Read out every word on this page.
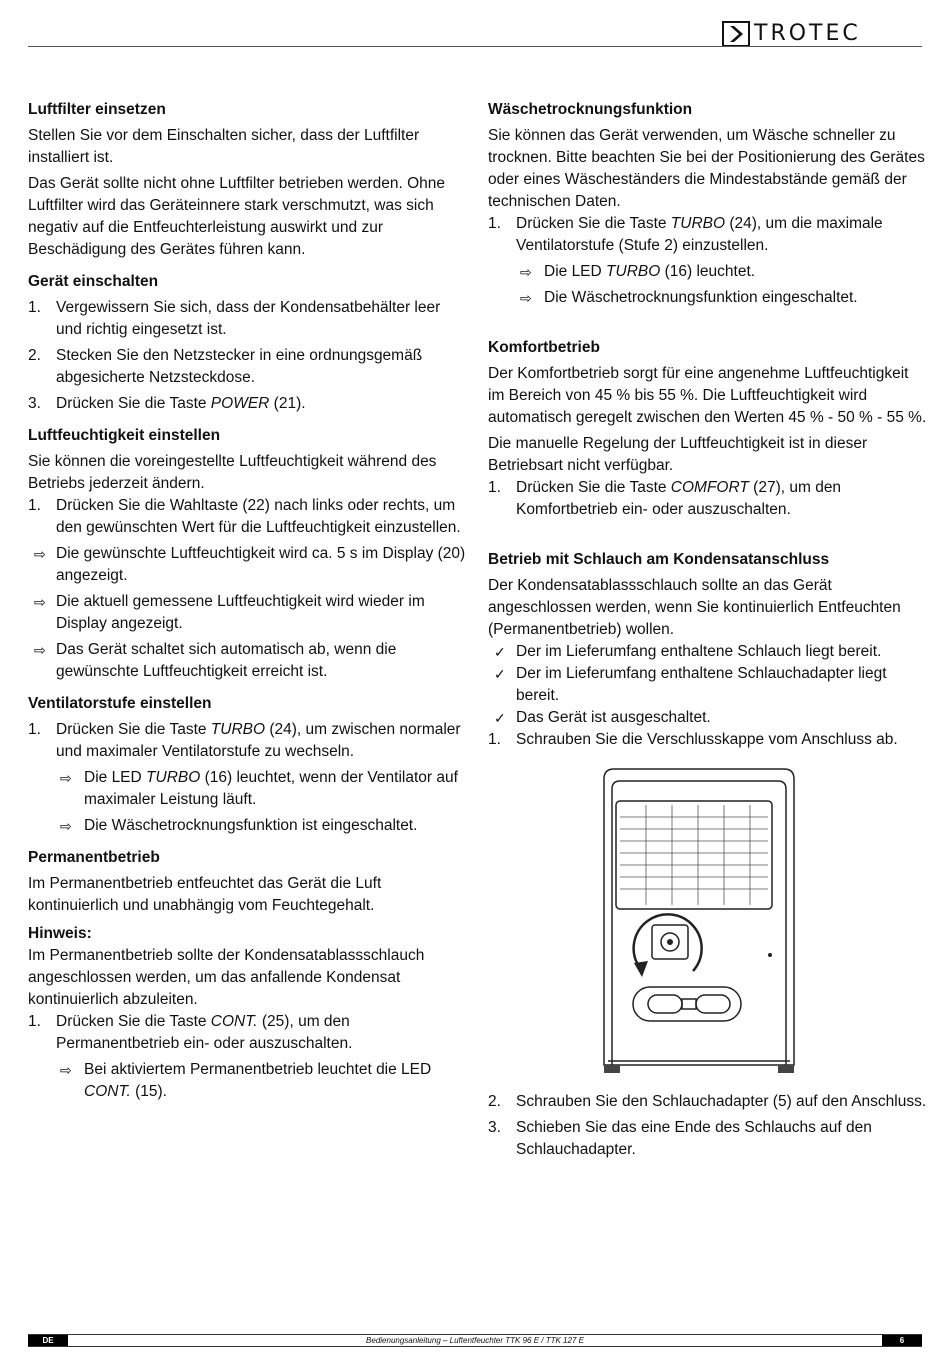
TROTEC
Luftfilter einsetzen

Stellen Sie vor dem Einschalten sicher, dass der Luftfilter installiert ist.

Das Gerät sollte nicht ohne Luftfilter betrieben werden. Ohne Luftfilter wird das Geräteinnere stark verschmutzt, was sich negativ auf die Entfeuchterleistung auswirkt und zur Beschädigung des Gerätes führen kann.

Gerät einschalten
1. Vergewissern Sie sich, dass der Kondensatbehälter leer und richtig eingesetzt ist.
2. Stecken Sie den Netzstecker in eine ordnungsgemäß abgesicherte Netzsteckdose.
3. Drücken Sie die Taste POWER (21).
Luftfeuchtigkeit einstellen

Sie können die voreingestellte Luftfeuchtigkeit während des Betriebs jederzeit ändern.

1. Drücken Sie die Wahltaste (22) nach links oder rechts, um den gewünschten Wert für die Luftfeuchtigkeit einzustellen.
⇨ Die gewünschte Luftfeuchtigkeit wird ca. 5 s im Display (20) angezeigt.
⇨ Die aktuell gemessene Luftfeuchtigkeit wird wieder im Display angezeigt.
⇨ Das Gerät schaltet sich automatisch ab, wenn die gewünschte Luftfeuchtigkeit erreicht ist.
Ventilatorstufe einstellen
1. Drücken Sie die Taste TURBO (24), um zwischen normaler und maximaler Ventilatorstufe zu wechseln.
⇨ Die LED TURBO (16) leuchtet, wenn der Ventilator auf maximaler Leistung läuft.
⇨ Die Wäschetrocknungsfunktion ist eingeschaltet.
Permanentbetrieb

Im Permanentbetrieb entfeuchtet das Gerät die Luft kontinuierlich und unabhängig vom Feuchtegehalt.

Hinweis:

Im Permanentbetrieb sollte der Kondensatablassschlauch angeschlossen werden, um das anfallende Kondensat kontinuierlich abzuleiten.

1. Drücken Sie die Taste CONT. (25), um den Permanentbetrieb ein- oder auszuschalten.
⇨ Bei aktiviertem Permanentbetrieb leuchtet die LED CONT. (15).
Wäschetrocknungsfunktion

Sie können das Gerät verwenden, um Wäsche schneller zu trocknen. Bitte beachten Sie bei der Positionierung des Gerätes oder eines Wäscheständers die Mindestabstände gemäß der technischen Daten.

1. Drücken Sie die Taste TURBO (24), um die maximale Ventilatorstufe (Stufe 2) einzustellen.
⇨ Die LED TURBO (16) leuchtet.
⇨ Die Wäschetrocknungsfunktion eingeschaltet.
Komfortbetrieb

Der Komfortbetrieb sorgt für eine angenehme Luftfeuchtigkeit im Bereich von 45 % bis 55 %. Die Luftfeuchtigkeit wird automatisch geregelt zwischen den Werten 45 % - 50 % - 55 %.

Die manuelle Regelung der Luftfeuchtigkeit ist in dieser Betriebsart nicht verfügbar.

1. Drücken Sie die Taste COMFORT (27), um den Komfortbetrieb ein- oder auszuschalten.
Betrieb mit Schlauch am Kondensatanschluss

Der Kondensatablassschlauch sollte an das Gerät angeschlossen werden, wenn Sie kontinuierlich Entfeuchten (Permanentbetrieb) wollen.

✓ Der im Lieferumfang enthaltene Schlauch liegt bereit.
✓ Der im Lieferumfang enthaltene Schlauchadapter liegt bereit.
✓ Das Gerät ist ausgeschaltet.
1. Schrauben Sie die Verschlusskappe vom Anschluss ab.
2. Schrauben Sie den Schlauchadapter (5) auf den Anschluss.
3. Schieben Sie das eine Ende des Schlauchs auf den Schlauchadapter.
DE	Bedienungsanleitung – Luftentfeuchter TTK 96 E / TTK 127 E	6
